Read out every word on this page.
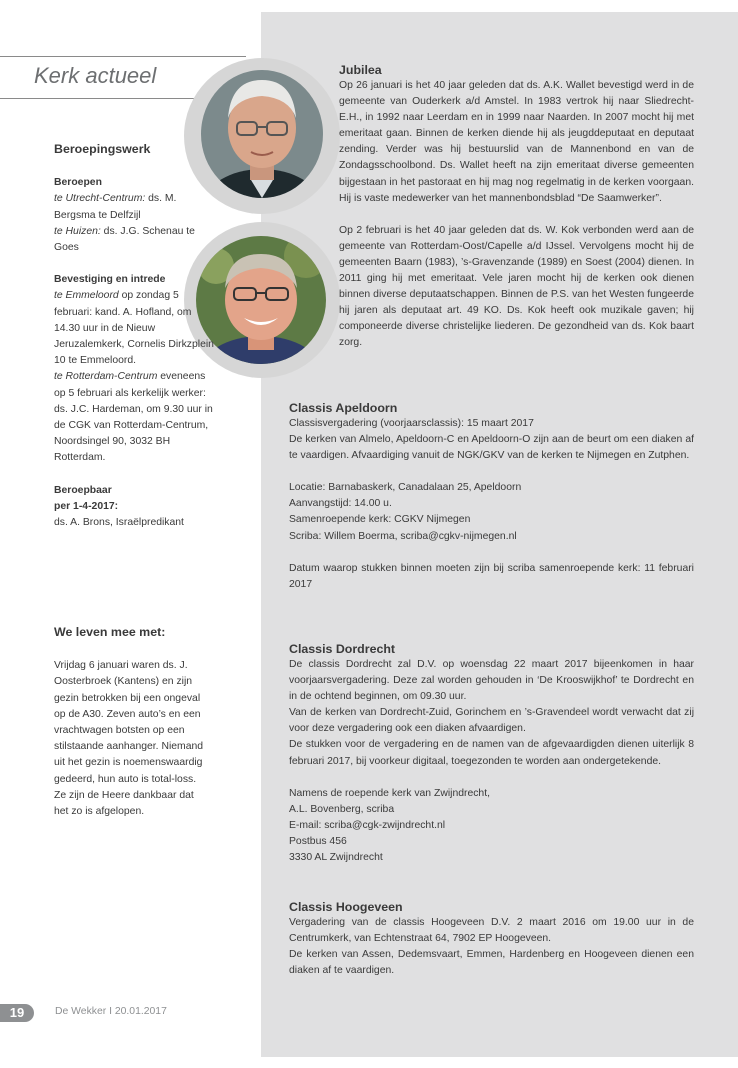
Kerk actueel
Beroepingswerk

Beroepen

te Utrecht-Centrum: ds. M. Bergsma te Delfzijl

te Huizen: ds. J.G. Schenau te Goes

Bevestiging en intrede

te Emmeloord op zondag 5 februari: kand. A. Hofland, om 14.30 uur in de Nieuw Jeruzalemkerk, Cornelis Dirkzplein 10 te Emmeloord.

te Rotterdam-Centrum eveneens op 5 februari als kerkelijk werker: ds. J.C. Hardeman, om 9.30 uur in de CGK van Rotterdam-Centrum, Noordsingel 90, 3032 BH Rotterdam.

Beroepbaar

per 1-4-2017:

ds. A. Brons, Israëlpredikant

We leven mee met:

Vrijdag 6 januari waren ds. J. Oosterbroek (Kantens) en zijn gezin betrokken bij een ongeval op de A30. Zeven auto’s en een vrachtwagen botsten op een stilstaande aanhanger. Niemand uit het gezin is noemenswaardig gedeerd, hun auto is total-loss. Ze zijn de Heere dankbaar dat het zo is afgelopen.

Jubilea

Op 26 januari is het 40 jaar geleden dat ds. A.K. Wallet bevestigd werd in de gemeente van Ouderkerk a/d Amstel. In 1983 vertrok hij naar Sliedrecht-E.H., in 1992 naar Leerdam en in 1999 naar Naarden. In 2007 mocht hij met emeritaat gaan. Binnen de kerken diende hij als jeugddeputaat en deputaat zending. Verder was hij bestuurslid van de Mannenbond en van de Zondagsschoolbond. Ds. Wallet heeft na zijn emeritaat diverse gemeenten bijgestaan in het pastoraat en hij mag nog regelmatig in de kerken voorgaan. Hij is vaste medewerker van het mannenbondsblad “De Saamwerker”.

Op 2 februari is het 40 jaar geleden dat ds. W. Kok verbonden werd aan de gemeente van Rotterdam-Oost/Capelle a/d IJssel. Vervolgens mocht hij de gemeenten Baarn (1983), ’s-Gravenzande (1989) en Soest (2004) dienen. In 2011 ging hij met emeritaat. Vele jaren mocht hij de kerken ook dienen binnen diverse deputaatschappen. Binnen de P.S. van het Westen fungeerde hij jaren als deputaat art. 49 KO. Ds. Kok heeft ook muzikale gaven; hij componeerde diverse christelijke liederen. De gezondheid van ds. Kok baart zorg.

Classis Apeldoorn

Classisvergadering (voorjaarsclassis): 15 maart 2017

De kerken van Almelo, Apeldoorn-C en Apeldoorn-O zijn aan de beurt om een diaken af te vaardigen. Afvaardiging vanuit de NGK/GKV van de kerken te Nijmegen en Zutphen.

Locatie: Barnabaskerk, Canadalaan 25, Apeldoorn

Aanvangstijd: 14.00 u.

Samenroepende kerk: CGKV Nijmegen

Scriba: Willem Boerma, scriba@cgkv-nijmegen.nl

Datum waarop stukken binnen moeten zijn bij scriba samenroepende kerk: 11 februari 2017

Classis Dordrecht

De classis Dordrecht zal D.V. op woensdag 22 maart 2017 bijeenkomen in haar voorjaarsvergadering. Deze zal worden gehouden in ‘De Krooswijkhof’ te Dordrecht en in de ochtend beginnen, om 09.30 uur.

Van de kerken van Dordrecht-Zuid, Gorinchem en ’s-Gravendeel wordt verwacht dat zij voor deze vergadering ook een diaken afvaardigen.

De stukken voor de vergadering en de namen van de afgevaardigden dienen uiterlijk 8 februari 2017, bij voorkeur digitaal, toegezonden te worden aan ondergetekende.

Namens de roepende kerk van Zwijndrecht,

A.L. Bovenberg, scriba

E-mail: scriba@cgk-zwijndrecht.nl

Postbus 456

3330 AL Zwijndrecht

Classis Hoogeveen

Vergadering van de classis Hoogeveen D.V. 2 maart 2016 om 19.00 uur in de Centrumkerk, van Echtenstraat 64, 7902 EP Hoogeveen.

De kerken van Assen, Dedemsvaart, Emmen, Hardenberg en Hoogeveen dienen een diaken af te vaardigen.

19	De Wekker I 20.01.2017
